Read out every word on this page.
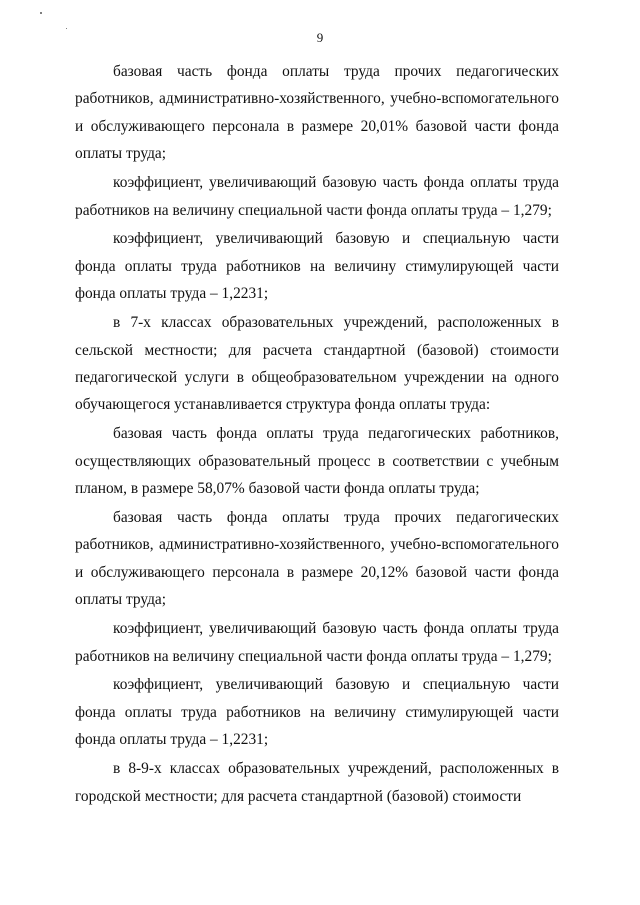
9

базовая часть фонда оплаты труда прочих педагогических работников, административно-хозяйственного, учебно-вспомогательного и обслуживающего персонала в размере 20,01% базовой части фонда оплаты труда;

коэффициент, увеличивающий базовую часть фонда оплаты труда работников на величину специальной части фонда оплаты труда – 1,279;

коэффициент, увеличивающий базовую и специальную части фонда оплаты труда работников на величину стимулирующей части фонда оплаты труда – 1,2231;

в 7-х классах образовательных учреждений, расположенных в сельской местности; для расчета стандартной (базовой) стоимости педагогической услуги в общеобразовательном учреждении на одного обучающегося устанавливается структура фонда оплаты труда:

базовая часть фонда оплаты труда педагогических работников, осуществляющих образовательный процесс в соответствии с учебным планом, в размере 58,07% базовой части фонда оплаты труда;

базовая часть фонда оплаты труда прочих педагогических работников, административно-хозяйственного, учебно-вспомогательного и обслуживающего персонала в размере 20,12% базовой части фонда оплаты труда;

коэффициент, увеличивающий базовую часть фонда оплаты труда работников на величину специальной части фонда оплаты труда – 1,279;

коэффициент, увеличивающий базовую и специальную части фонда оплаты труда работников на величину стимулирующей части фонда оплаты труда – 1,2231;

в 8-9-х классах образовательных учреждений, расположенных в городской местности; для расчета стандартной (базовой) стоимости
